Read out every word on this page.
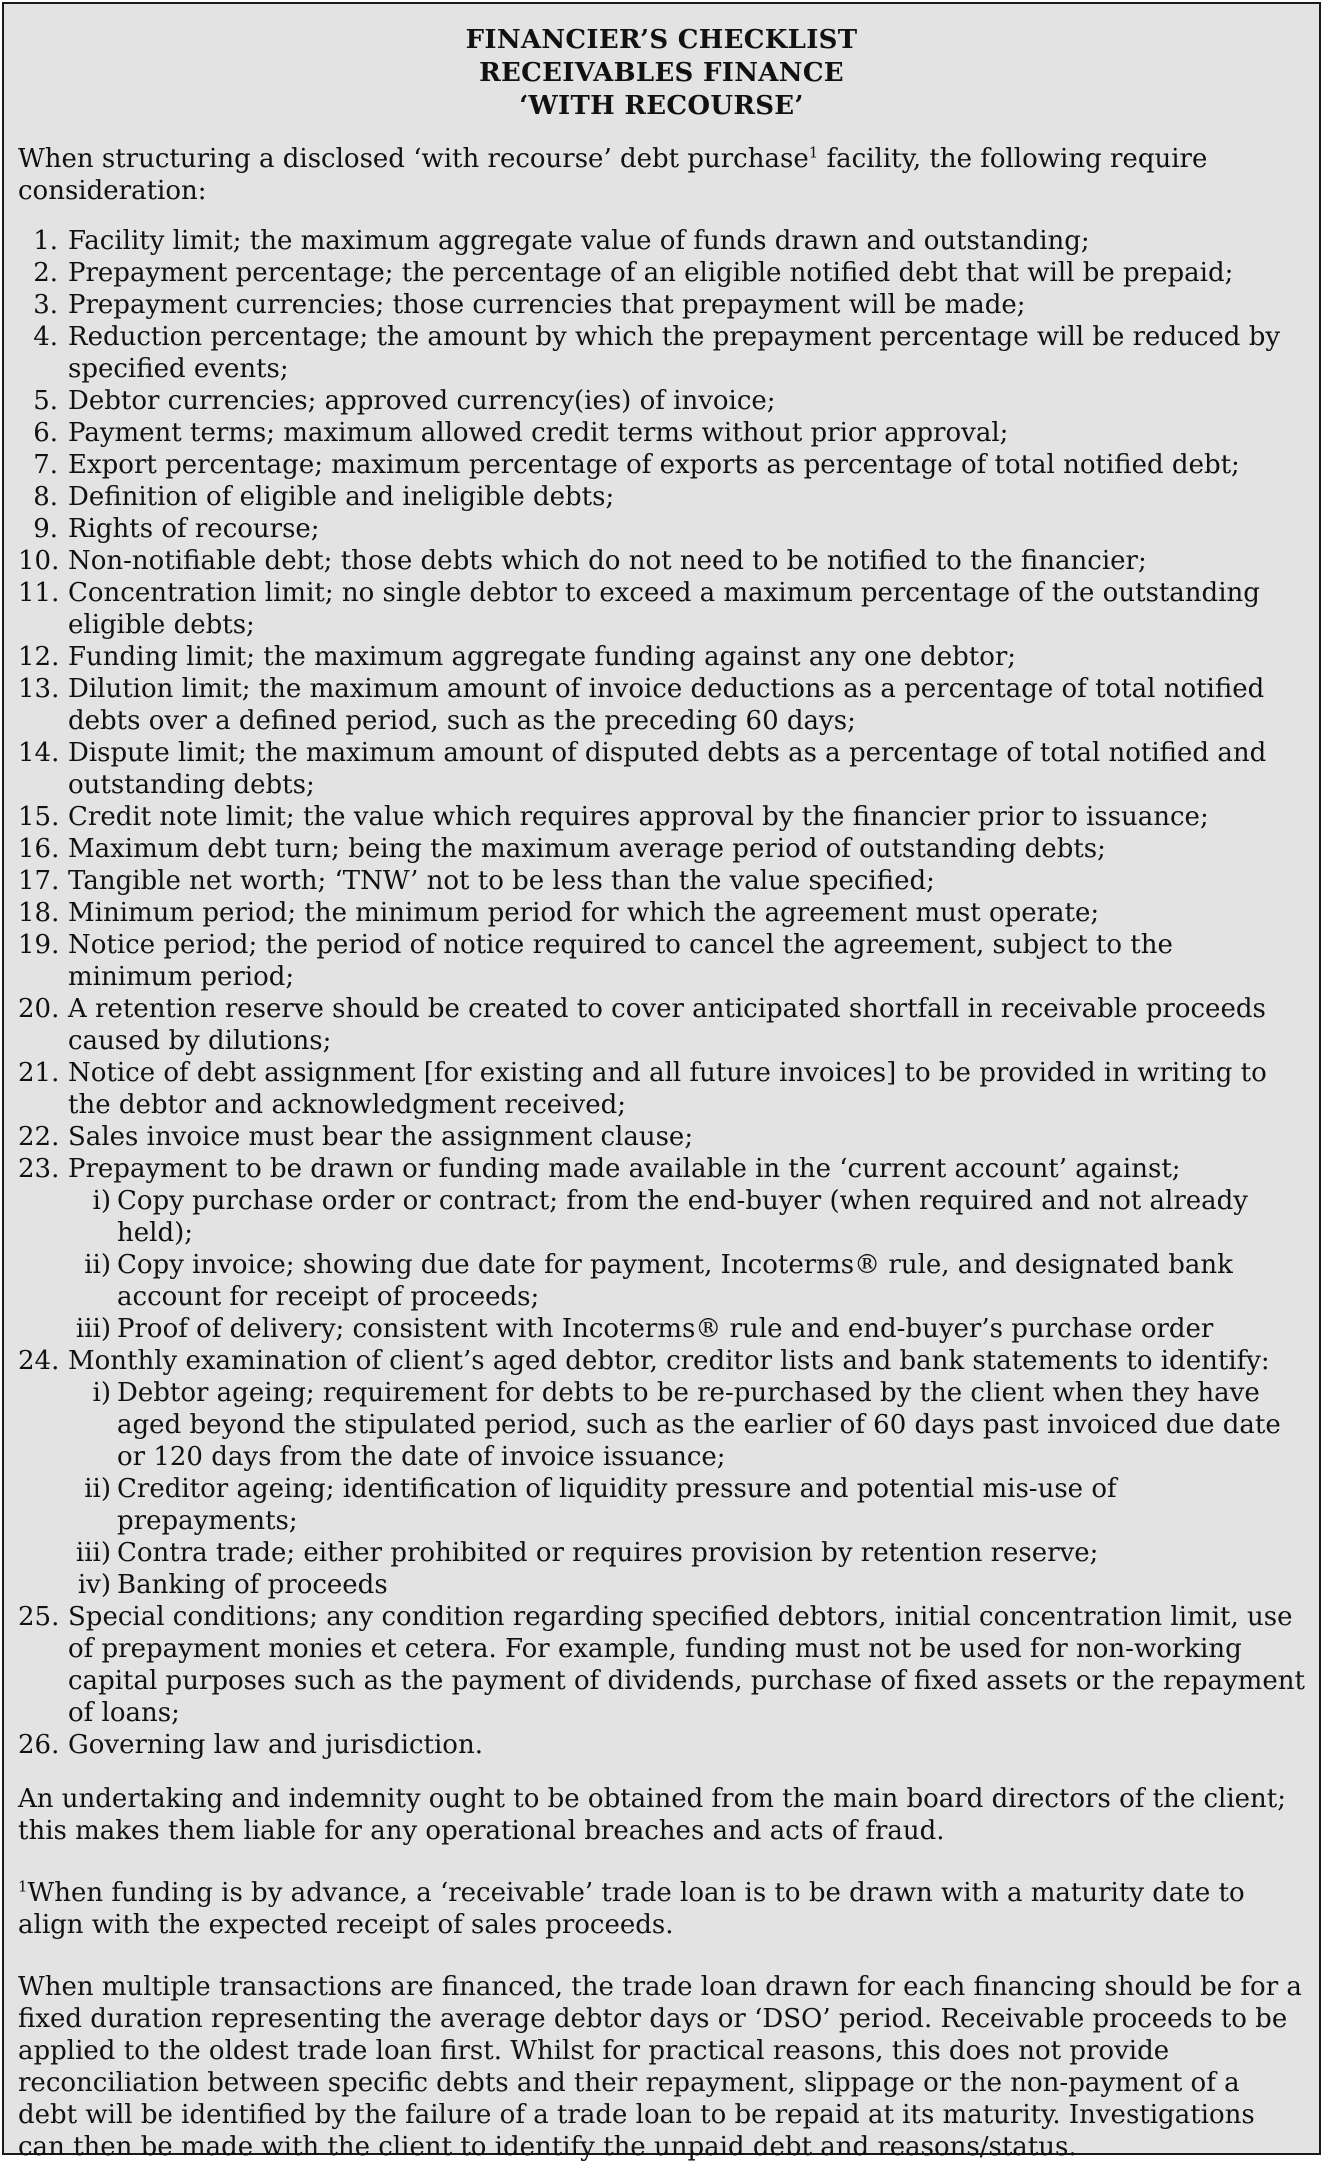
FINANCIER’S CHECKLIST
RECEIVABLES FINANCE
‘WITH RECOURSE’

When structuring a disclosed ‘with recourse’ debt purchase$^1$ facility, the following require consideration:

1. Facility limit; the maximum aggregate value of funds drawn and outstanding;
2. Prepayment percentage; the percentage of an eligible notified debt that will be prepaid;
3. Prepayment currencies; those currencies that prepayment will be made;
4. Reduction percentage; the amount by which the prepayment percentage will be reduced by specified events;
5. Debtor currencies; approved currency(ies) of invoice;
6. Payment terms; maximum allowed credit terms without prior approval;
7. Export percentage; maximum percentage of exports as percentage of total notified debt;
8. Definition of eligible and ineligible debts;
9. Rights of recourse;
10. Non-notifiable debt; those debts which do not need to be notified to the financier;
11. Concentration limit; no single debtor to exceed a maximum percentage of the outstanding eligible debts;
12. Funding limit; the maximum aggregate funding against any one debtor;
13. Dilution limit; the maximum amount of invoice deductions as a percentage of total notified debts over a defined period, such as the preceding 60 days;
14. Dispute limit; the maximum amount of disputed debts as a percentage of total notified and outstanding debts;
15. Credit note limit; the value which requires approval by the financier prior to issuance;
16. Maximum debt turn; being the maximum average period of outstanding debts;
17. Tangible net worth; ‘TNW’ not to be less than the value specified;
18. Minimum period; the minimum period for which the agreement must operate;
19. Notice period; the period of notice required to cancel the agreement, subject to the minimum period;
20. A retention reserve should be created to cover anticipated shortfall in receivable proceeds caused by dilutions;
21. Notice of debt assignment [for existing and all future invoices] to be provided in writing to the debtor and acknowledgment received;
22. Sales invoice must bear the assignment clause;
23. Prepayment to be drawn or funding made available in the ‘current account’ against;
i) Copy purchase order or contract; from the end-buyer (when required and not already held);
ii) Copy invoice; showing due date for payment, Incoterms® rule, and designated bank account for receipt of proceeds;
iii) Proof of delivery; consistent with Incoterms® rule and end-buyer’s purchase order
24. Monthly examination of client’s aged debtor, creditor lists and bank statements to identify:
i) Debtor ageing; requirement for debts to be re-purchased by the client when they have aged beyond the stipulated period, such as the earlier of 60 days past invoiced due date or 120 days from the date of invoice issuance;
ii) Creditor ageing; identification of liquidity pressure and potential mis-use of prepayments;
iii) Contra trade; either prohibited or requires provision by retention reserve;
iv) Banking of proceeds
25. Special conditions; any condition regarding specified debtors, initial concentration limit, use of prepayment monies et cetera. For example, funding must not be used for non-working capital purposes such as the payment of dividends, purchase of fixed assets or the repayment of loans;
26. Governing law and jurisdiction.

An undertaking and indemnity ought to be obtained from the main board directors of the client; this makes them liable for any operational breaches and acts of fraud.

$^1$When funding is by advance, a ‘receivable’ trade loan is to be drawn with a maturity date to align with the expected receipt of sales proceeds.

When multiple transactions are financed, the trade loan drawn for each financing should be for a fixed duration representing the average debtor days or ‘DSO’ period. Receivable proceeds to be applied to the oldest trade loan first. Whilst for practical reasons, this does not provide reconciliation between specific debts and their repayment, slippage or the non-payment of a debt will be identified by the failure of a trade loan to be repaid at its maturity. Investigations can then be made with the client to identify the unpaid debt and reasons/status.
